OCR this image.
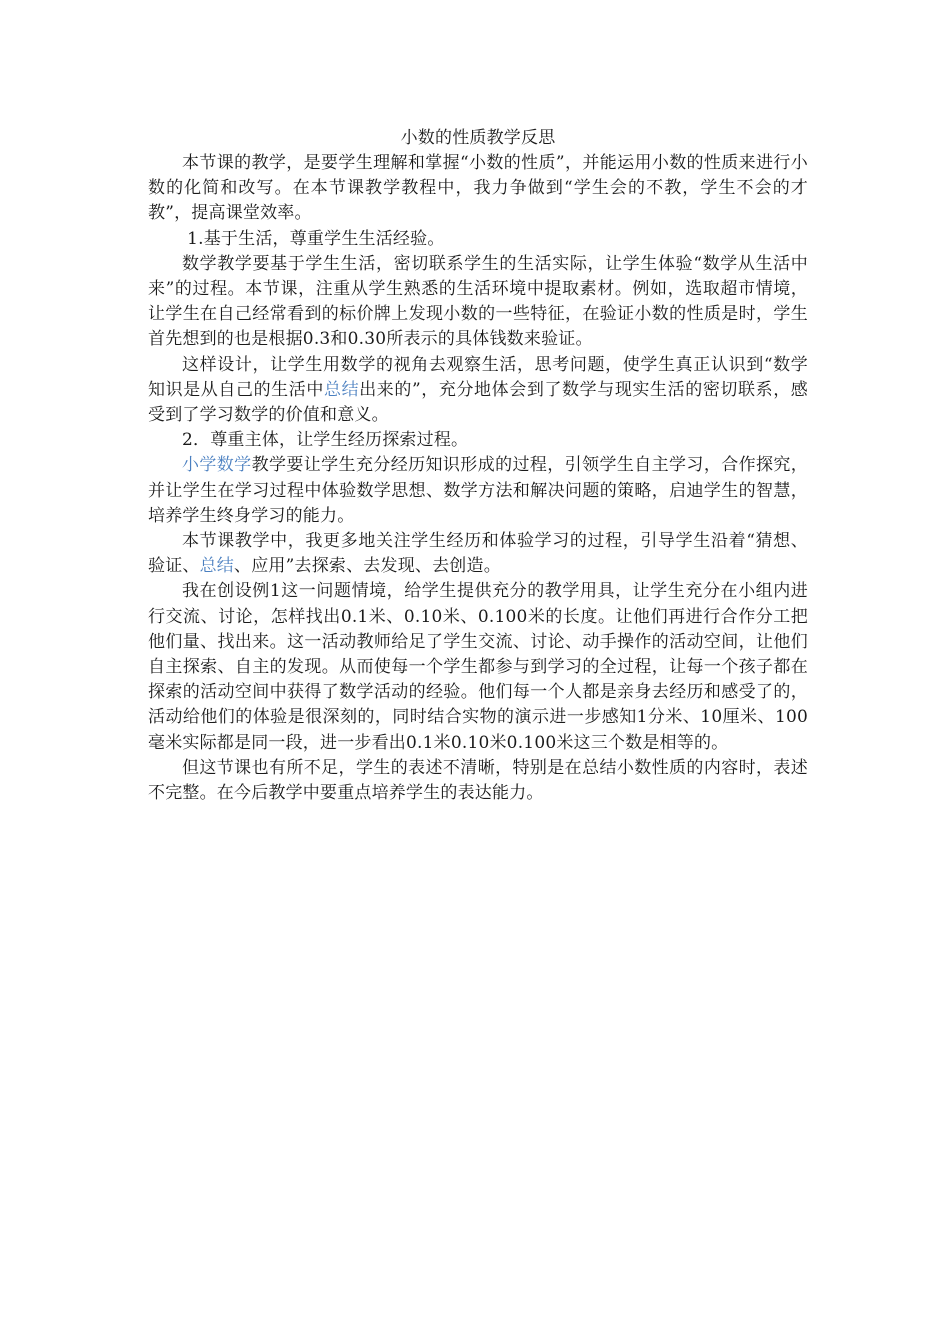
小数的性质教学反思

本节课的教学，是要学生理解和掌握“小数的性质”，并能运用小数的性质来进行小数的化简和改写。在本节课教学教程中，我力争做到“学生会的不教，学生不会的才教”，提高课堂效率。

1.基于生活，尊重学生生活经验。

数学教学要基于学生生活，密切联系学生的生活实际，让学生体验“数学从生活中来”的过程。本节课，注重从学生熟悉的生活环境中提取素材。例如，选取超市情境，让学生在自己经常看到的标价牌上发现小数的一些特征，在验证小数的性质是时，学生首先想到的也是根据0.3和0.30所表示的具体钱数来验证。

这样设计，让学生用数学的视角去观察生活，思考问题，使学生真正认识到“数学知识是从自己的生活中总结出来的”，充分地体会到了数学与现实生活的密切联系，感受到了学习数学的价值和意义。

2．尊重主体，让学生经历探索过程。

小学数学教学要让学生充分经历知识形成的过程，引领学生自主学习，合作探究，并让学生在学习过程中体验数学思想、数学方法和解决问题的策略，启迪学生的智慧，培养学生终身学习的能力。

本节课教学中，我更多地关注学生经历和体验学习的过程，引导学生沿着“猜想、验证、总结、应用”去探索、去发现、去创造。

我在创设例1这一问题情境，给学生提供充分的教学用具，让学生充分在小组内进行交流、讨论，怎样找出0.1米、0.10米、0.100米的长度。让他们再进行合作分工把他们量、找出来。这一活动教师给足了学生交流、讨论、动手操作的活动空间，让他们自主探索、自主的发现。从而使每一个学生都参与到学习的全过程，让每一个孩子都在探索的活动空间中获得了数学活动的经验。他们每一个人都是亲身去经历和感受了的，活动给他们的体验是很深刻的，同时结合实物的演示进一步感知1分米、10厘米、100毫米实际都是同一段，进一步看出0.1米0.10米0.100米这三个数是相等的。

但这节课也有所不足，学生的表述不清晰，特别是在总结小数性质的内容时，表述不完整。在今后教学中要重点培养学生的表达能力。
